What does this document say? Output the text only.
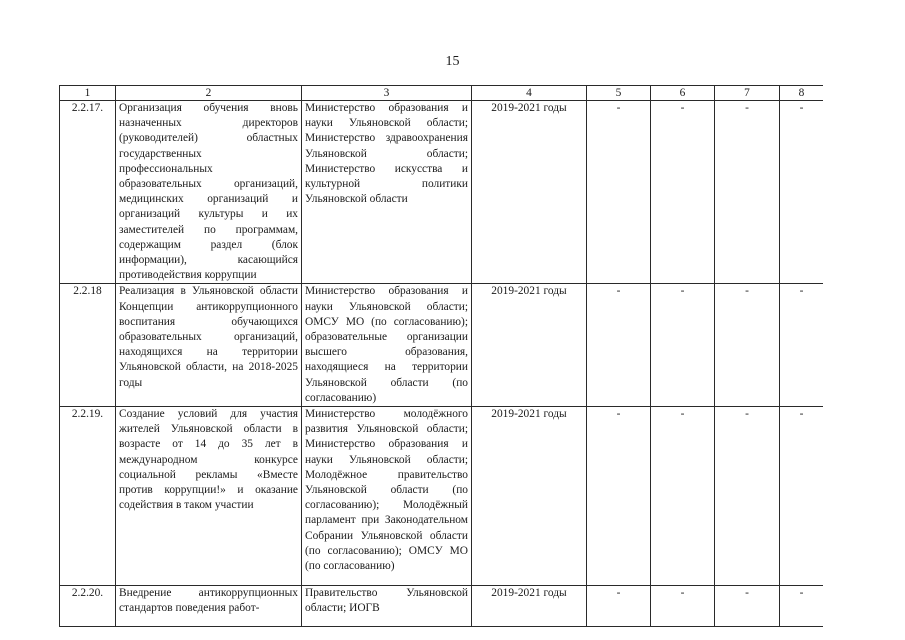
15
1	2	3	4	5	6	7	8
2.2.17.	Организация обучения вновь назначенных директоров (руководителей) областных государственных профессиональных образовательных организаций, медицинских организаций и организаций культуры и их заместителей по программам, содержащим раздел (блок информации), касающийся противодействия коррупции	Министерство образования и науки Ульяновской области; Министерство здравоохранения Ульяновской области; Министерство искусства и культурной политики Ульяновской области	2019-2021 годы	-	-	-	-
2.2.18	Реализация в Ульяновской области Концепции антикоррупционного воспитания обучающихся образовательных организаций, находящихся на территории Ульяновской области, на 2018-2025 годы	Министерство образования и науки Ульяновской области; ОМСУ МО (по согласованию); образовательные организации высшего образования, находящиеся на территории Ульяновской области (по согласованию)	2019-2021 годы	-	-	-	-
2.2.19.	Создание условий для участия жителей Ульяновской области в возрасте от 14 до 35 лет в международном конкурсе социальной рекламы «Вместе против коррупции!» и оказание содействия в таком участии	Министерство молодёжного развития Ульяновской области; Министерство образования и науки Ульяновской области; Молодёжное правительство Ульяновской области (по согласованию); Молодёжный парламент при Законодательном Собрании Ульяновской области (по согласованию); ОМСУ МО (по согласованию)	2019-2021 годы	-	-	-	-
2.2.20.	Внедрение антикоррупционных стандартов поведения работ-	Правительство Ульяновской области; ИОГВ	2019-2021 годы	-	-	-	-
